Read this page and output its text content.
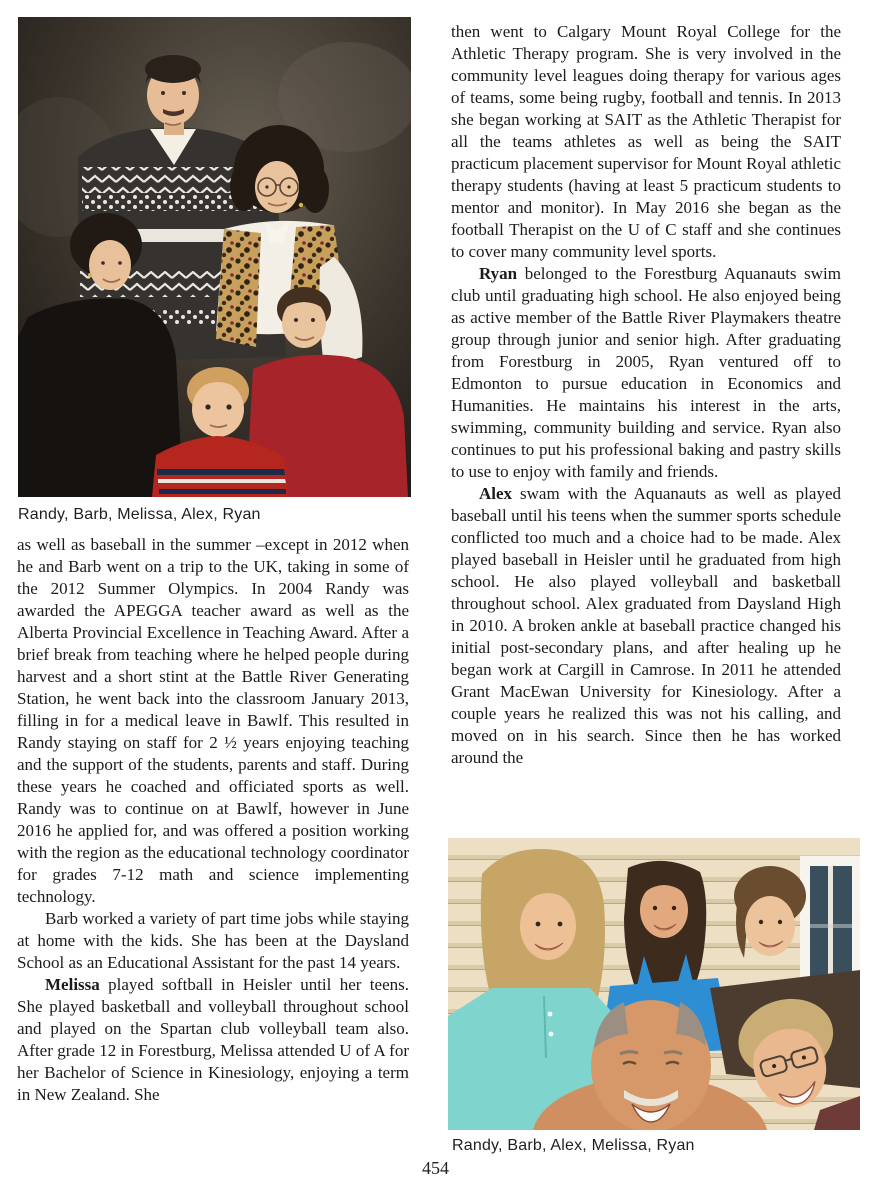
Randy, Barb, Melissa, Alex, Ryan

as well as baseball in the summer –except in 2012 when he and Barb went on a trip to the UK, taking in some of the 2012 Summer Olympics. In 2004 Randy was awarded the APEGGA teacher award as well as the Alberta Provincial Excellence in Teaching Award. After a brief break from teaching where he helped people during harvest and a short stint at the Battle River Generating Station, he went back into the classroom January 2013, filling in for a medical leave in Bawlf. This resulted in Randy staying on staff for 2 ½ years enjoying teaching and the support of the students, parents and staff. During these years he coached and officiated sports as well. Randy was to continue on at Bawlf, however in June 2016 he applied for, and was offered a position working with the region as the educational technology coordinator for grades 7-12 math and science implementing technology.

Barb worked a variety of part time jobs while staying at home with the kids. She has been at the Daysland School as an Educational Assistant for the past 14 years.

Melissa played softball in Heisler until her teens. She played basketball and volleyball throughout school and played on the Spartan club volleyball team also. After grade 12 in Forestburg, Melissa attended U of A for her Bachelor of Science in Kinesiology, enjoying a term in New Zealand. She

then went to Calgary Mount Royal College for the Athletic Therapy program. She is very involved in the community level leagues doing therapy for various ages of teams, some being rugby, football and tennis. In 2013 she began working at SAIT as the Athletic Therapist for all the teams athletes as well as being the SAIT practicum placement supervisor for Mount Royal athletic therapy students (having at least 5 practicum students to mentor and monitor). In May 2016 she began as the football Therapist on the U of C staff and she continues to cover many community level sports.

Ryan belonged to the Forestburg Aquanauts swim club until graduating high school. He also enjoyed being as active member of the Battle River Playmakers theatre group through junior and senior high. After graduating from Forestburg in 2005, Ryan ventured off to Edmonton to pursue education in Economics and Humanities. He maintains his interest in the arts, swimming, community building and service. Ryan also continues to put his professional baking and pastry skills to use to enjoy with family and friends.

Alex swam with the Aquanauts as well as played baseball until his teens when the summer sports schedule conflicted too much and a choice had to be made. Alex played baseball in Heisler until he graduated from high school. He also played volleyball and basketball throughout school. Alex graduated from Daysland High in 2010. A broken ankle at baseball practice changed his initial post-secondary plans, and after healing up he began work at Cargill in Camrose. In 2011 he attended Grant MacEwan University for Kinesiology. After a couple years he realized this was not his calling, and moved on in his search. Since then he has worked around the

Randy, Barb, Alex, Melissa, Ryan
454
